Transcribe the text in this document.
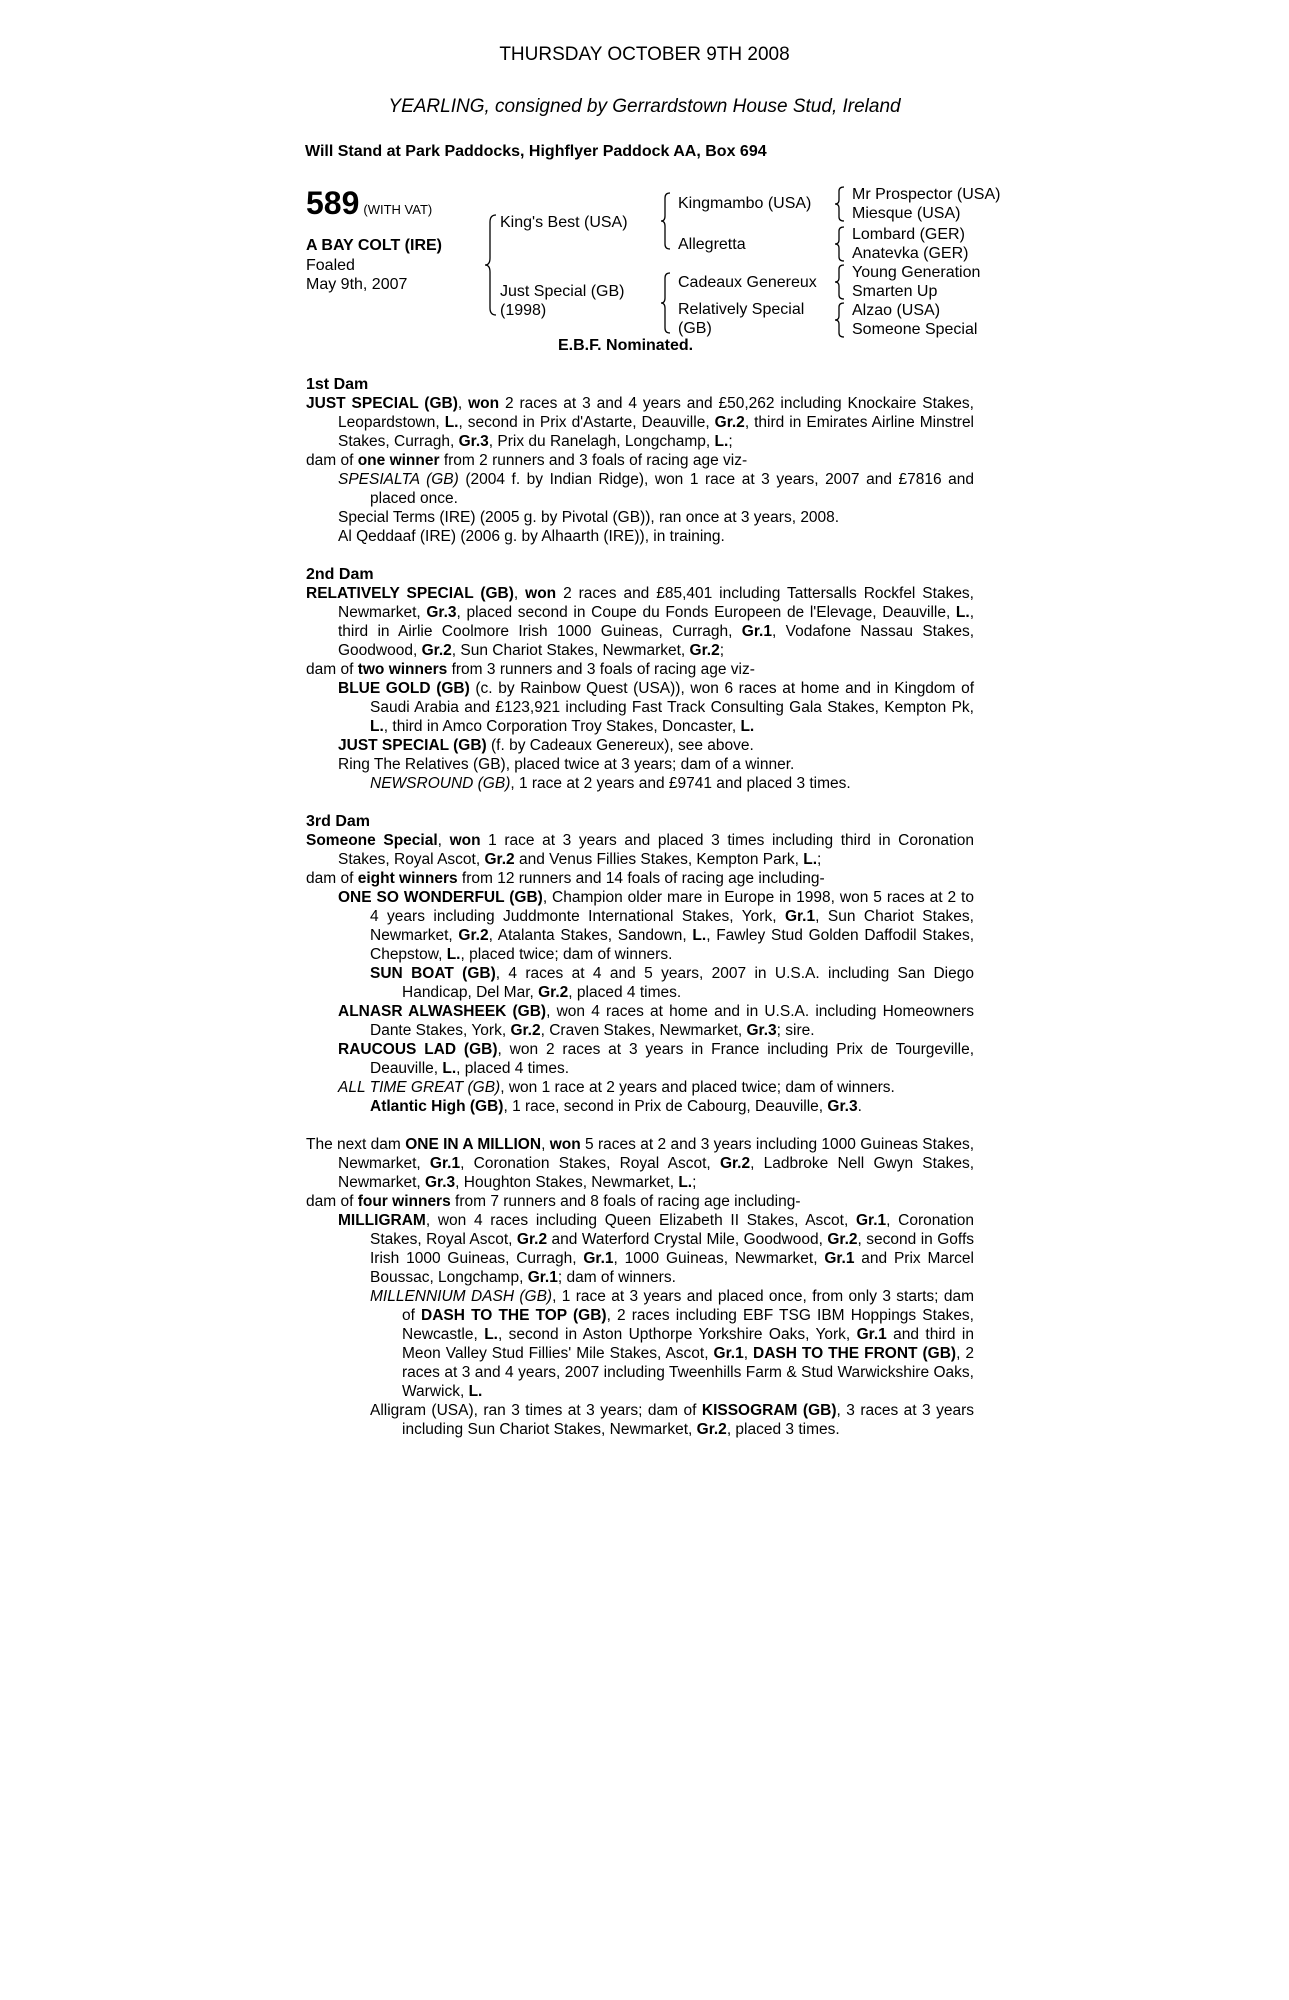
THURSDAY OCTOBER 9TH 2008
YEARLING, consigned by Gerrardstown House Stud, Ireland
Will Stand at Park Paddocks, Highflyer Paddock AA, Box 694
589 (WITH VAT)
A BAY COLT (IRE)
Foaled
May 9th, 2007
King's Best (USA)
Just Special (GB)
(1998)
Kingmambo (USA)
Allegretta
Cadeaux Genereux
Relatively Special
(GB)
Mr Prospector (USA)
Miesque (USA)
Lombard (GER)
Anatevka (GER)
Young Generation
Smarten Up
Alzao (USA)
Someone Special
E.B.F. Nominated.
1st Dam

JUST SPECIAL (GB), won 2 races at 3 and 4 years and £50,262 including Knockaire Stakes, Leopardstown, L., second in Prix d'Astarte, Deauville, Gr.2, third in Emirates Airline Minstrel Stakes, Curragh, Gr.3, Prix du Ranelagh, Longchamp, L.;

dam of one winner from 2 runners and 3 foals of racing age viz-

SPESIALTA (GB) (2004 f. by Indian Ridge), won 1 race at 3 years, 2007 and £7816 and placed once.

Special Terms (IRE) (2005 g. by Pivotal (GB)), ran once at 3 years, 2008.

Al Qeddaaf (IRE) (2006 g. by Alhaarth (IRE)), in training.

2nd Dam

RELATIVELY SPECIAL (GB), won 2 races and £85,401 including Tattersalls Rockfel Stakes, Newmarket, Gr.3, placed second in Coupe du Fonds Europeen de l'Elevage, Deauville, L., third in Airlie Coolmore Irish 1000 Guineas, Curragh, Gr.1, Vodafone Nassau Stakes, Goodwood, Gr.2, Sun Chariot Stakes, Newmarket, Gr.2;

dam of two winners from 3 runners and 3 foals of racing age viz-

BLUE GOLD (GB) (c. by Rainbow Quest (USA)), won 6 races at home and in Kingdom of Saudi Arabia and £123,921 including Fast Track Consulting Gala Stakes, Kempton Pk, L., third in Amco Corporation Troy Stakes, Doncaster, L.

JUST SPECIAL (GB) (f. by Cadeaux Genereux), see above.

Ring The Relatives (GB), placed twice at 3 years; dam of a winner.

NEWSROUND (GB), 1 race at 2 years and £9741 and placed 3 times.

3rd Dam

Someone Special, won 1 race at 3 years and placed 3 times including third in Coronation Stakes, Royal Ascot, Gr.2 and Venus Fillies Stakes, Kempton Park, L.;

dam of eight winners from 12 runners and 14 foals of racing age including-

ONE SO WONDERFUL (GB), Champion older mare in Europe in 1998, won 5 races at 2 to 4 years including Juddmonte International Stakes, York, Gr.1, Sun Chariot Stakes, Newmarket, Gr.2, Atalanta Stakes, Sandown, L., Fawley Stud Golden Daffodil Stakes, Chepstow, L., placed twice; dam of winners.

SUN BOAT (GB), 4 races at 4 and 5 years, 2007 in U.S.A. including San Diego Handicap, Del Mar, Gr.2, placed 4 times.

ALNASR ALWASHEEK (GB), won 4 races at home and in U.S.A. including Homeowners Dante Stakes, York, Gr.2, Craven Stakes, Newmarket, Gr.3; sire.

RAUCOUS LAD (GB), won 2 races at 3 years in France including Prix de Tourgeville, Deauville, L., placed 4 times.

ALL TIME GREAT (GB), won 1 race at 2 years and placed twice; dam of winners.

Atlantic High (GB), 1 race, second in Prix de Cabourg, Deauville, Gr.3.

The next dam ONE IN A MILLION, won 5 races at 2 and 3 years including 1000 Guineas Stakes, Newmarket, Gr.1, Coronation Stakes, Royal Ascot, Gr.2, Ladbroke Nell Gwyn Stakes, Newmarket, Gr.3, Houghton Stakes, Newmarket, L.;

dam of four winners from 7 runners and 8 foals of racing age including-

MILLIGRAM, won 4 races including Queen Elizabeth II Stakes, Ascot, Gr.1, Coronation Stakes, Royal Ascot, Gr.2 and Waterford Crystal Mile, Goodwood, Gr.2, second in Goffs Irish 1000 Guineas, Curragh, Gr.1, 1000 Guineas, Newmarket, Gr.1 and Prix Marcel Boussac, Longchamp, Gr.1; dam of winners.

MILLENNIUM DASH (GB), 1 race at 3 years and placed once, from only 3 starts; dam of DASH TO THE TOP (GB), 2 races including EBF TSG IBM Hoppings Stakes, Newcastle, L., second in Aston Upthorpe Yorkshire Oaks, York, Gr.1 and third in Meon Valley Stud Fillies' Mile Stakes, Ascot, Gr.1, DASH TO THE FRONT (GB), 2 races at 3 and 4 years, 2007 including Tweenhills Farm & Stud Warwickshire Oaks, Warwick, L.

Alligram (USA), ran 3 times at 3 years; dam of KISSOGRAM (GB), 3 races at 3 years including Sun Chariot Stakes, Newmarket, Gr.2, placed 3 times.
